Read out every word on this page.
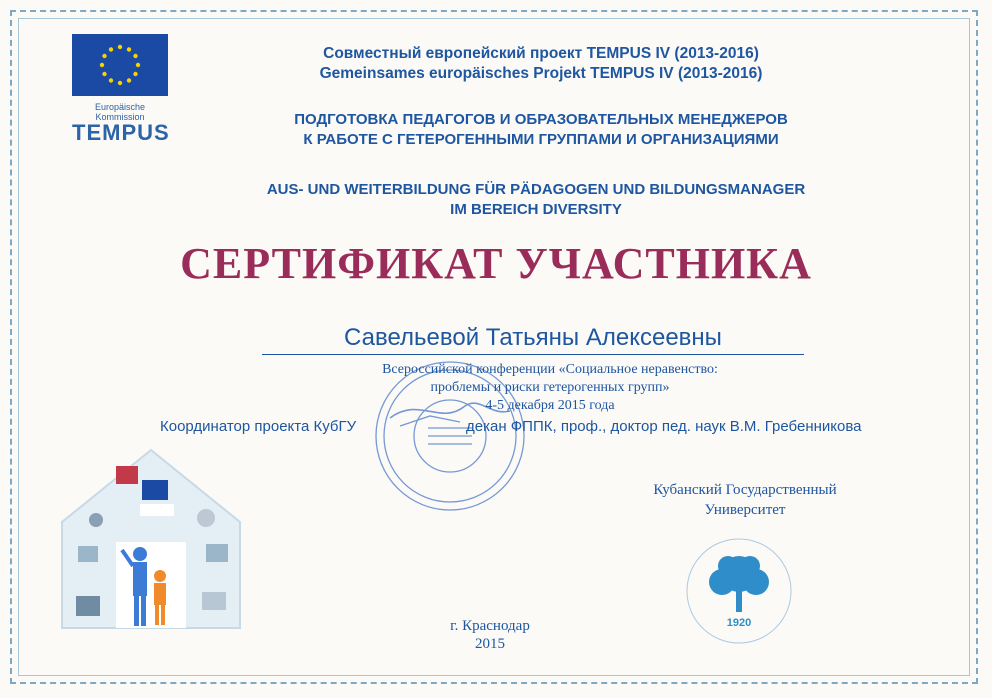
Europäische Kommission
TEMPUS
Совместный европейский проект TEMPUS IV (2013-2016)
Gemeinsames europäisches Projekt TEMPUS IV (2013-2016)
ПОДГОТОВКА ПЕДАГОГОВ И ОБРАЗОВАТЕЛЬНЫХ МЕНЕДЖЕРОВ
К РАБОТЕ С ГЕТЕРОГЕННЫМИ ГРУППАМИ И ОРГАНИЗАЦИЯМИ
AUS- UND WEITERBILDUNG FÜR PÄDAGOGEN UND BILDUNGSMANAGER
IM BEREICH DIVERSITY
СЕРТИФИКАТ УЧАСТНИКА
Савельевой Татьяны Алексеевны
Всероссийской конференции «Социальное неравенство:
проблемы и риски гетерогенных групп»
4-5 декабря 2015 года
Координатор проекта КубГУ	декан ФППК, проф., доктор пед. наук В.М. Гребенникова
Кубанский Государственный
Университет
1920
г. Краснодар
2015
